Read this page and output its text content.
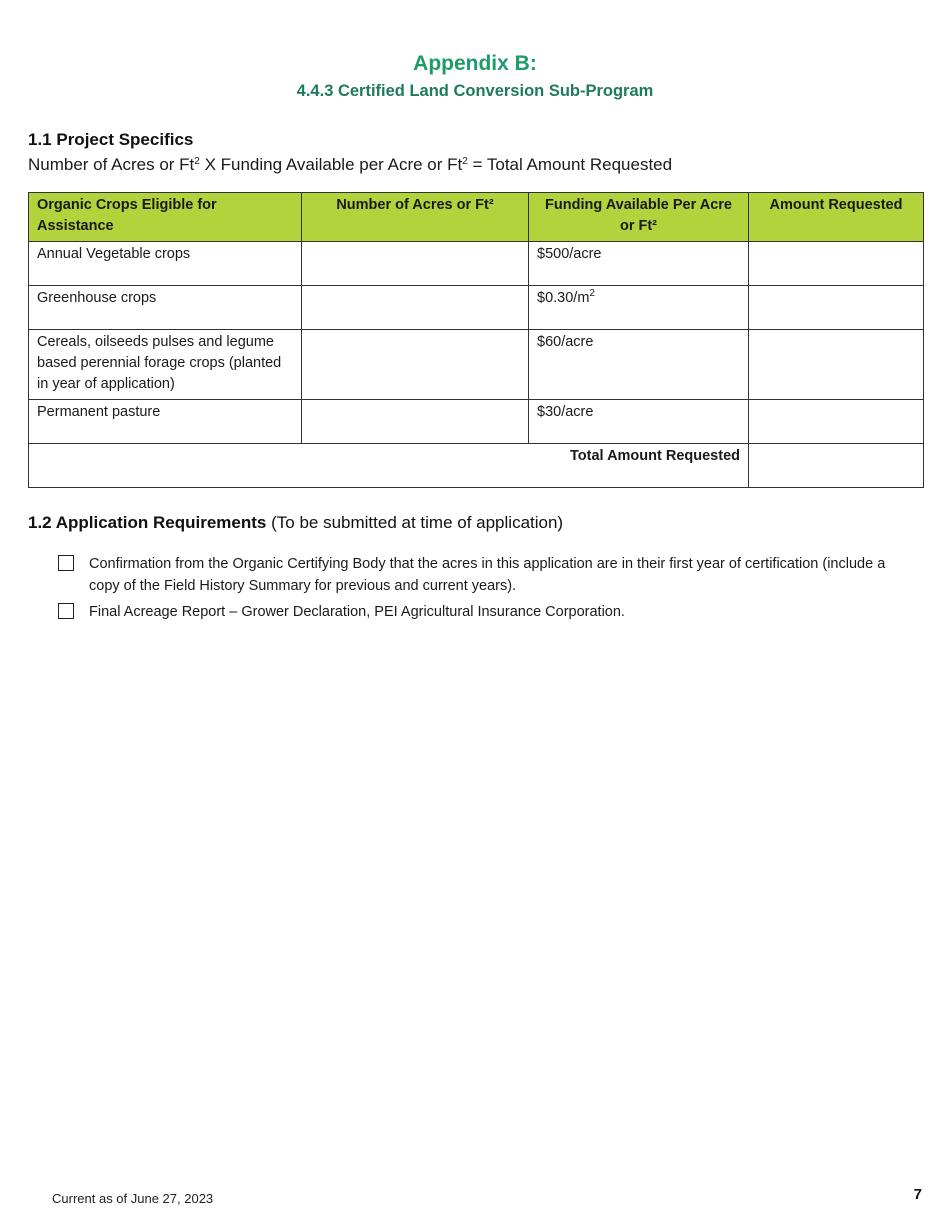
Appendix B:
4.4.3 Certified Land Conversion Sub-Program
1.1 Project Specifics
Number of Acres or Ft$^2$ X Funding Available per Acre or $Ft^2$ = Total Amount Requested
Organic Crops Eligible for Assistance	Number of Acres or Ft²	Funding Available Per Acre or Ft²	Amount Requested
Annual Vegetable crops		$500/acre	
Greenhouse crops		$\$0.30/m^2$	
Cereals, oilseeds pulses and legume based perennial forage crops (planted in year of application)		$60/acre	
Permanent pasture		$30/acre	
Total Amount Requested			
1.2 Application Requirements (To be submitted at time of application)
Confirmation from the Organic Certifying Body that the acres in this application are in their first year of certification (include a copy of the Field History Summary for previous and current years).
Final Acreage Report – Grower Declaration, PEI Agricultural Insurance Corporation.
Current as of June 27, 2023	7
